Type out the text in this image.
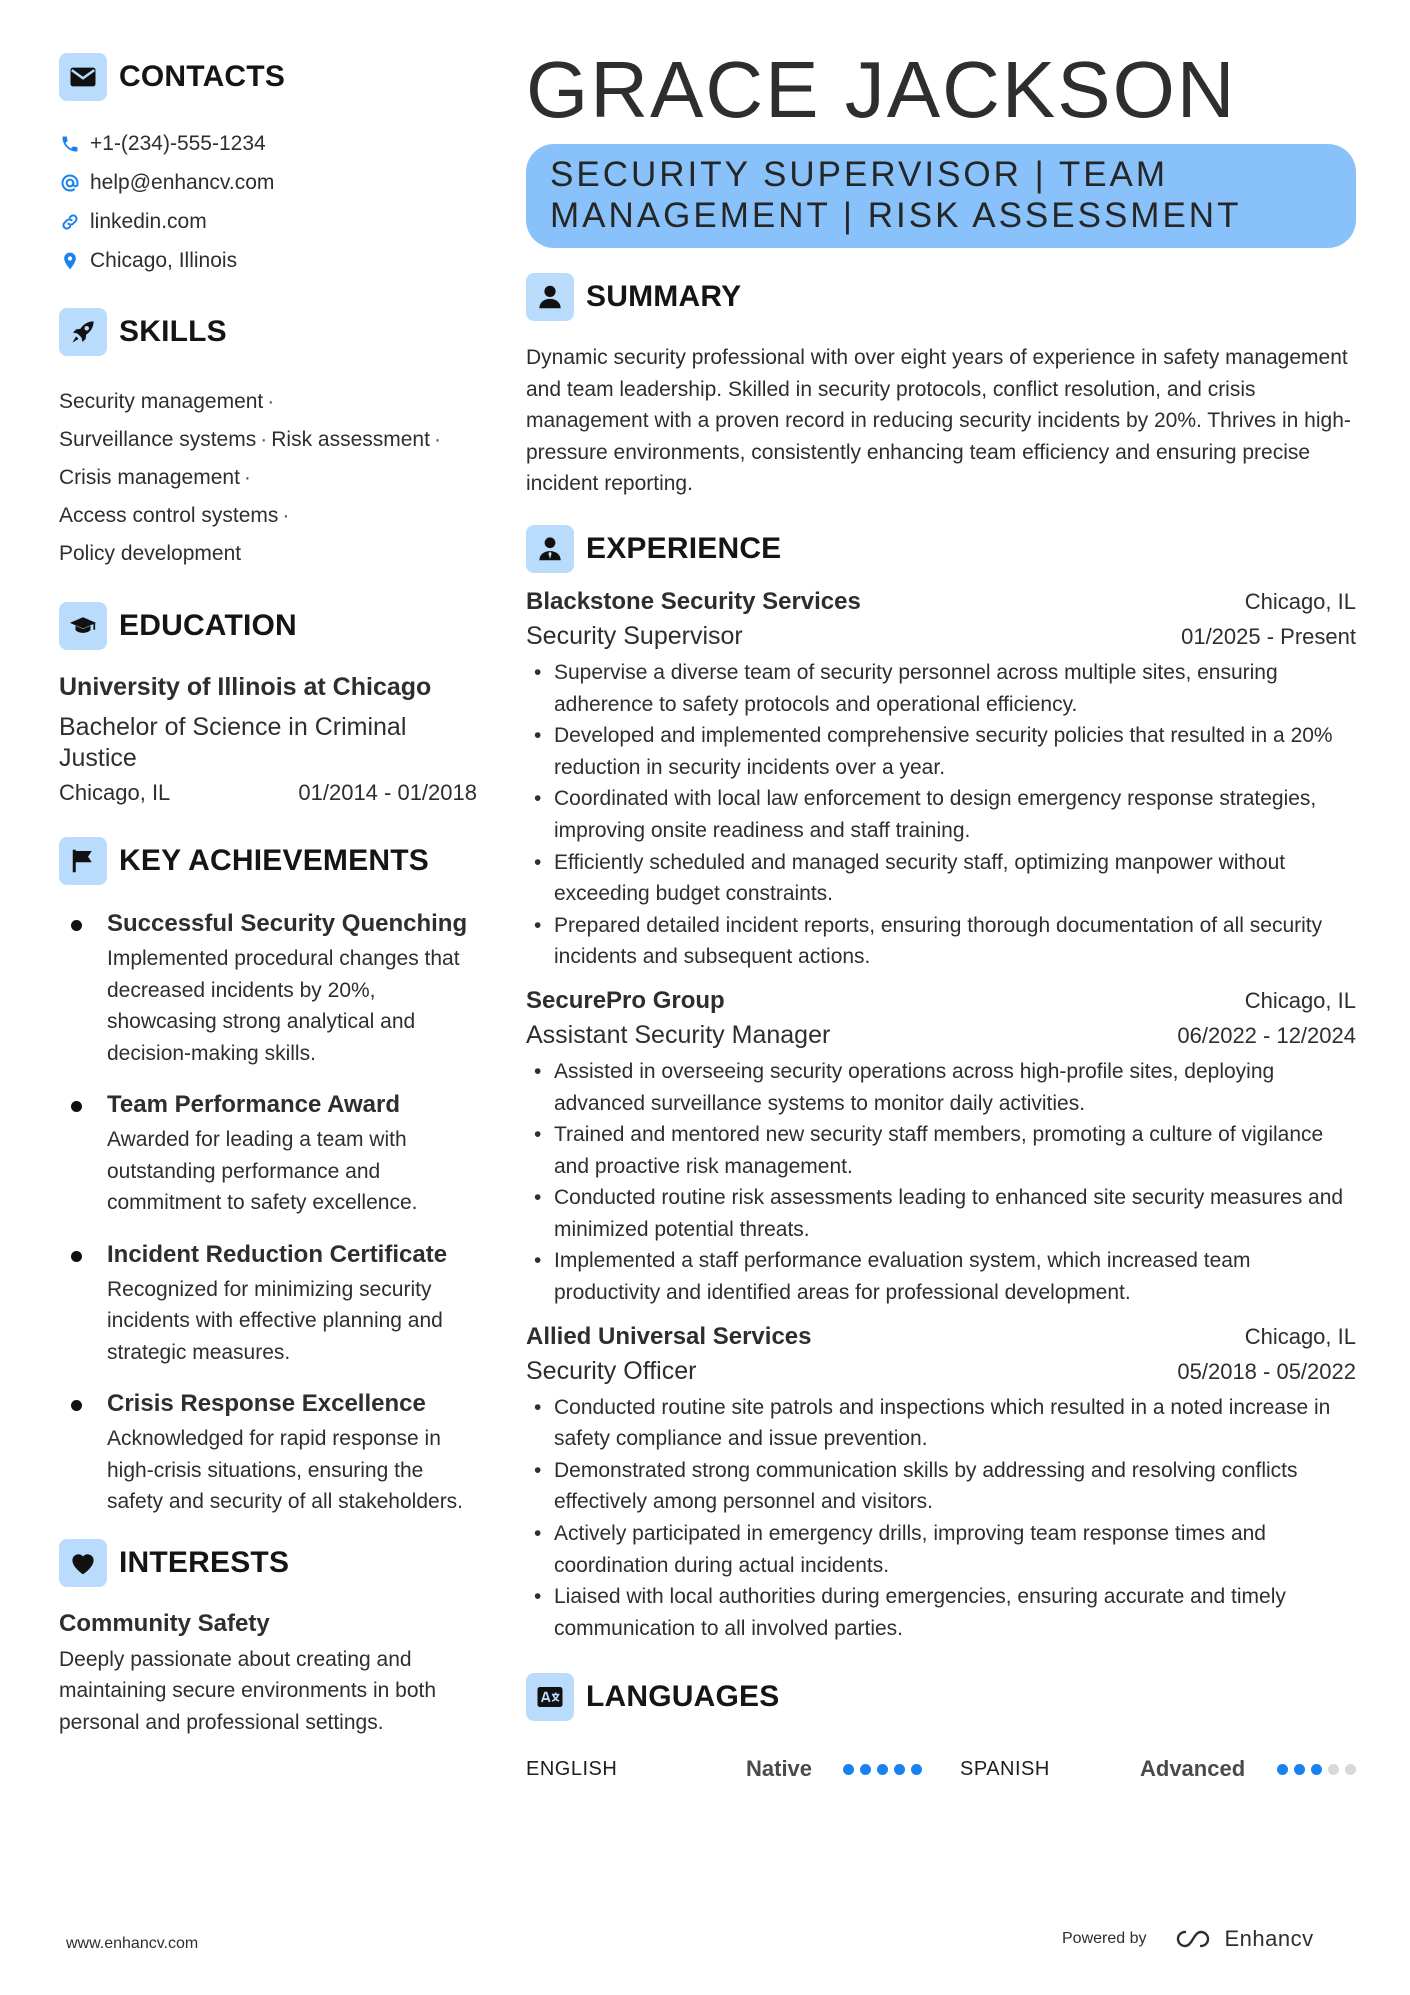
CONTACTS
+1-(234)-555-1234
help@enhancv.com
linkedin.com
Chicago, Illinois
SKILLS
Security management ·
Surveillance systems · Risk assessment ·
Crisis management ·
Access control systems ·
Policy development
EDUCATION
University of Illinois at Chicago
Bachelor of Science in Criminal Justice
Chicago, IL	01/2014 - 01/2018
KEY ACHIEVEMENTS
Successful Security Quenching
Implemented procedural changes that decreased incidents by 20%, showcasing strong analytical and decision-making skills.
Team Performance Award
Awarded for leading a team with outstanding performance and commitment to safety excellence.
Incident Reduction Certificate
Recognized for minimizing security incidents with effective planning and strategic measures.
Crisis Response Excellence
Acknowledged for rapid response in high-crisis situations, ensuring the safety and security of all stakeholders.
INTERESTS
Community Safety
Deeply passionate about creating and maintaining secure environments in both personal and professional settings.
GRACE JACKSON
SECURITY SUPERVISOR | TEAM MANAGEMENT | RISK ASSESSMENT
SUMMARY
Dynamic security professional with over eight years of experience in safety management and team leadership. Skilled in security protocols, conflict resolution, and crisis management with a proven record in reducing security incidents by 20%. Thrives in high-pressure environments, consistently enhancing team efficiency and ensuring precise incident reporting.
EXPERIENCE
Blackstone Security Services	Chicago, IL
Security Supervisor	01/2025 - Present
• Supervise a diverse team of security personnel across multiple sites, ensuring adherence to safety protocols and operational efficiency.
• Developed and implemented comprehensive security policies that resulted in a 20% reduction in security incidents over a year.
• Coordinated with local law enforcement to design emergency response strategies, improving onsite readiness and staff training.
• Efficiently scheduled and managed security staff, optimizing manpower without exceeding budget constraints.
• Prepared detailed incident reports, ensuring thorough documentation of all security incidents and subsequent actions.
SecurePro Group	Chicago, IL
Assistant Security Manager	06/2022 - 12/2024
• Assisted in overseeing security operations across high-profile sites, deploying advanced surveillance systems to monitor daily activities.
• Trained and mentored new security staff members, promoting a culture of vigilance and proactive risk management.
• Conducted routine risk assessments leading to enhanced site security measures and minimized potential threats.
• Implemented a staff performance evaluation system, which increased team productivity and identified areas for professional development.
Allied Universal Services	Chicago, IL
Security Officer	05/2018 - 05/2022
• Conducted routine site patrols and inspections which resulted in a noted increase in safety compliance and issue prevention.
• Demonstrated strong communication skills by addressing and resolving conflicts effectively among personnel and visitors.
• Actively participated in emergency drills, improving team response times and coordination during actual incidents.
• Liaised with local authorities during emergencies, ensuring accurate and timely communication to all involved parties.
LANGUAGES
ENGLISH	Native	SPANISH	Advanced
www.enhancv.com	Powered by	Enhancv
